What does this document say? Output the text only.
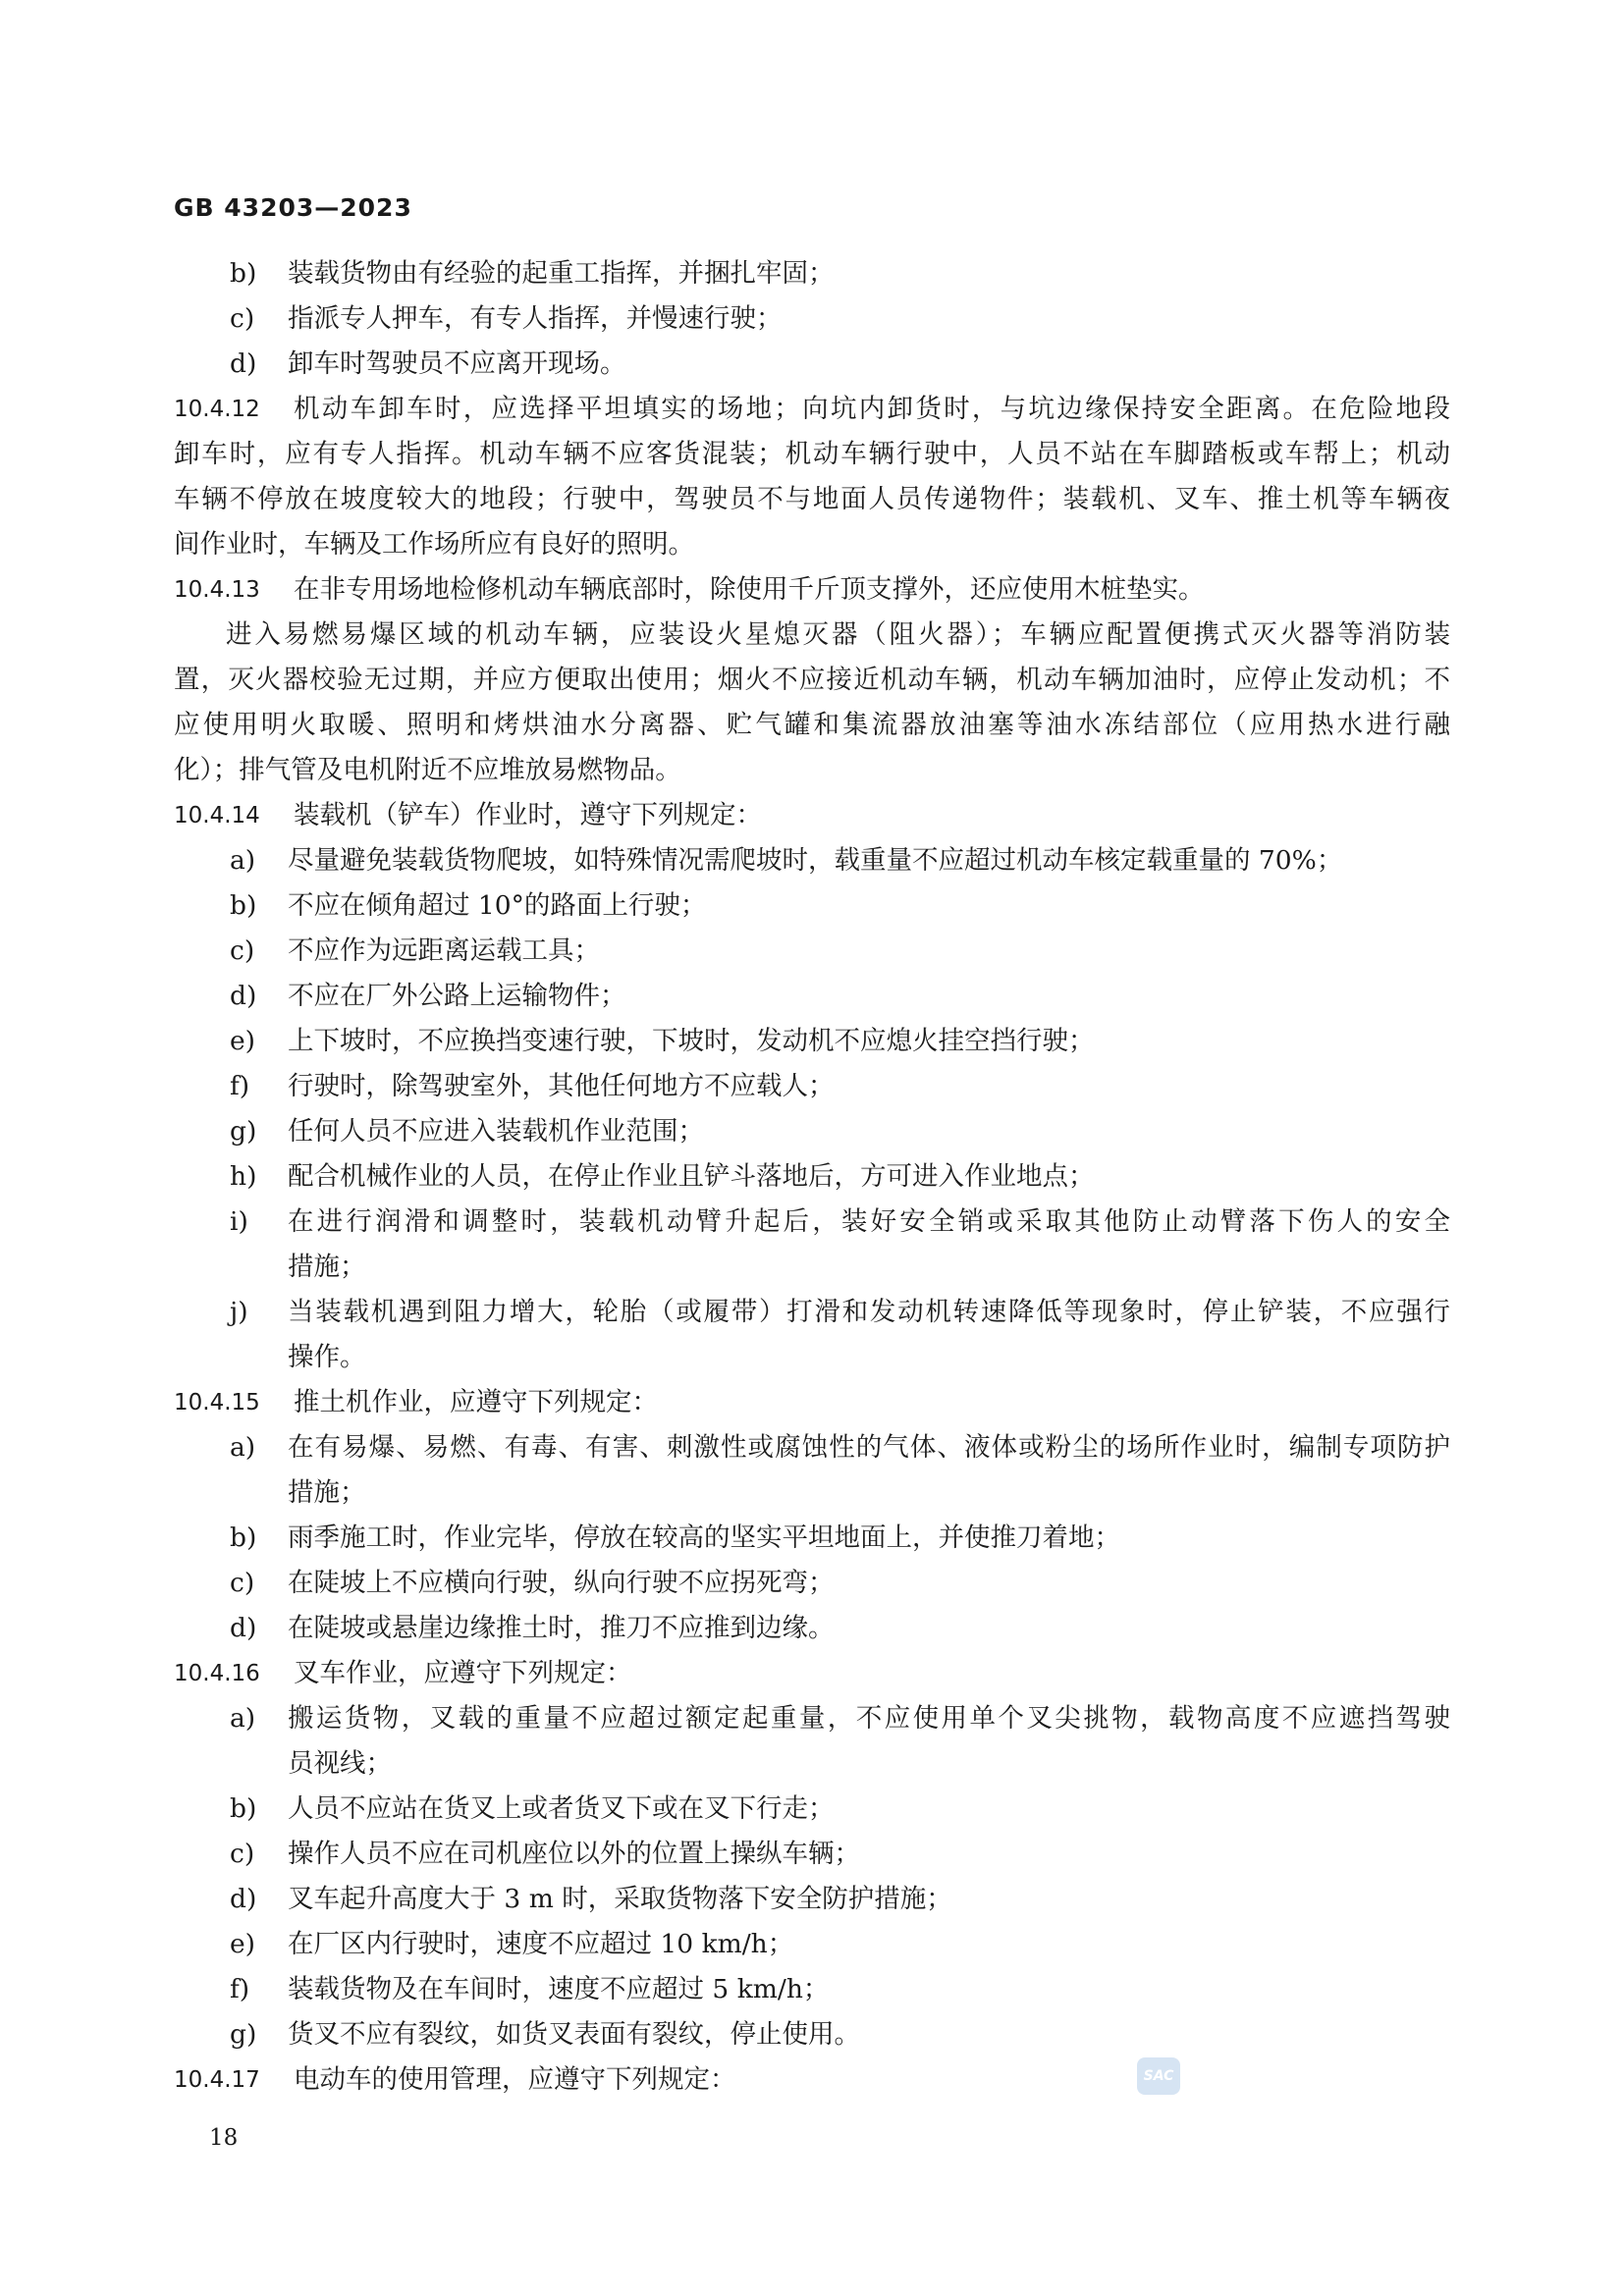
GB 43203—2023
b) 装载货物由有经验的起重工指挥，并捆扎牢固；
c) 指派专人押车，有专人指挥，并慢速行驶；
d) 卸车时驾驶员不应离开现场。
10.4.12 机动车卸车时，应选择平坦填实的场地；向坑内卸货时，与坑边缘保持安全距离。在危险地段
卸车时，应有专人指挥。机动车辆不应客货混装；机动车辆行驶中，人员不站在车脚踏板或车帮上；机动
车辆不停放在坡度较大的地段；行驶中，驾驶员不与地面人员传递物件；装载机、叉车、推土机等车辆夜
间作业时，车辆及工作场所应有良好的照明。
10.4.13	在非专用场地检修机动车辆底部时，除使用千斤顶支撑外，还应使用木桩垫实。
进入易燃易爆区域的机动车辆，应装设火星熄灭器（阻火器）；车辆应配置便携式灭火器等消防装
置，灭火器校验无过期，并应方便取出使用；烟火不应接近机动车辆，机动车辆加油时，应停止发动机；不
应使用明火取暖、照明和烤烘油水分离器、贮气罐和集流器放油塞等油水冻结部位（应用热水进行融
化）；排气管及电机附近不应堆放易燃物品。
10.4.14	装载机（铲车）作业时，遵守下列规定：
a) 尽量避免装载货物爬坡，如特殊情况需爬坡时，载重量不应超过机动车核定载重量的 70%；
b) 不应在倾角超过 10°的路面上行驶；
c) 不应作为远距离运载工具；
d) 不应在厂外公路上运输物件；
e) 上下坡时，不应换挡变速行驶，下坡时，发动机不应熄火挂空挡行驶；
f) 行驶时，除驾驶室外，其他任何地方不应载人；
g) 任何人员不应进入装载机作业范围；
h) 配合机械作业的人员，在停止作业且铲斗落地后，方可进入作业地点；
i) 在进行润滑和调整时，装载机动臂升起后，装好安全销或采取其他防止动臂落下伤人的安全
措施；
j) 当装载机遇到阻力增大，轮胎（或履带）打滑和发动机转速降低等现象时，停止铲装，不应强行
操作。
10.4.15	推土机作业，应遵守下列规定：
a) 在有易爆、易燃、有毒、有害、刺激性或腐蚀性的气体、液体或粉尘的场所作业时，编制专项防护
措施；
b) 雨季施工时，作业完毕，停放在较高的坚实平坦地面上，并使推刀着地；
c) 在陡坡上不应横向行驶，纵向行驶不应拐死弯；
d) 在陡坡或悬崖边缘推土时，推刀不应推到边缘。
10.4.16	叉车作业，应遵守下列规定：
a) 搬运货物，叉载的重量不应超过额定起重量，不应使用单个叉尖挑物，载物高度不应遮挡驾驶
员视线；
b) 人员不应站在货叉上或者货叉下或在叉下行走；
c) 操作人员不应在司机座位以外的位置上操纵车辆；
d) 叉车起升高度大于 3 m 时，采取货物落下安全防护措施；
e) 在厂区内行驶时，速度不应超过 10 km/h；
f) 装载货物及在车间时，速度不应超过 5 km/h；
g) 货叉不应有裂纹，如货叉表面有裂纹，停止使用。
10.4.17	电动车的使用管理，应遵守下列规定：
18
SAC
